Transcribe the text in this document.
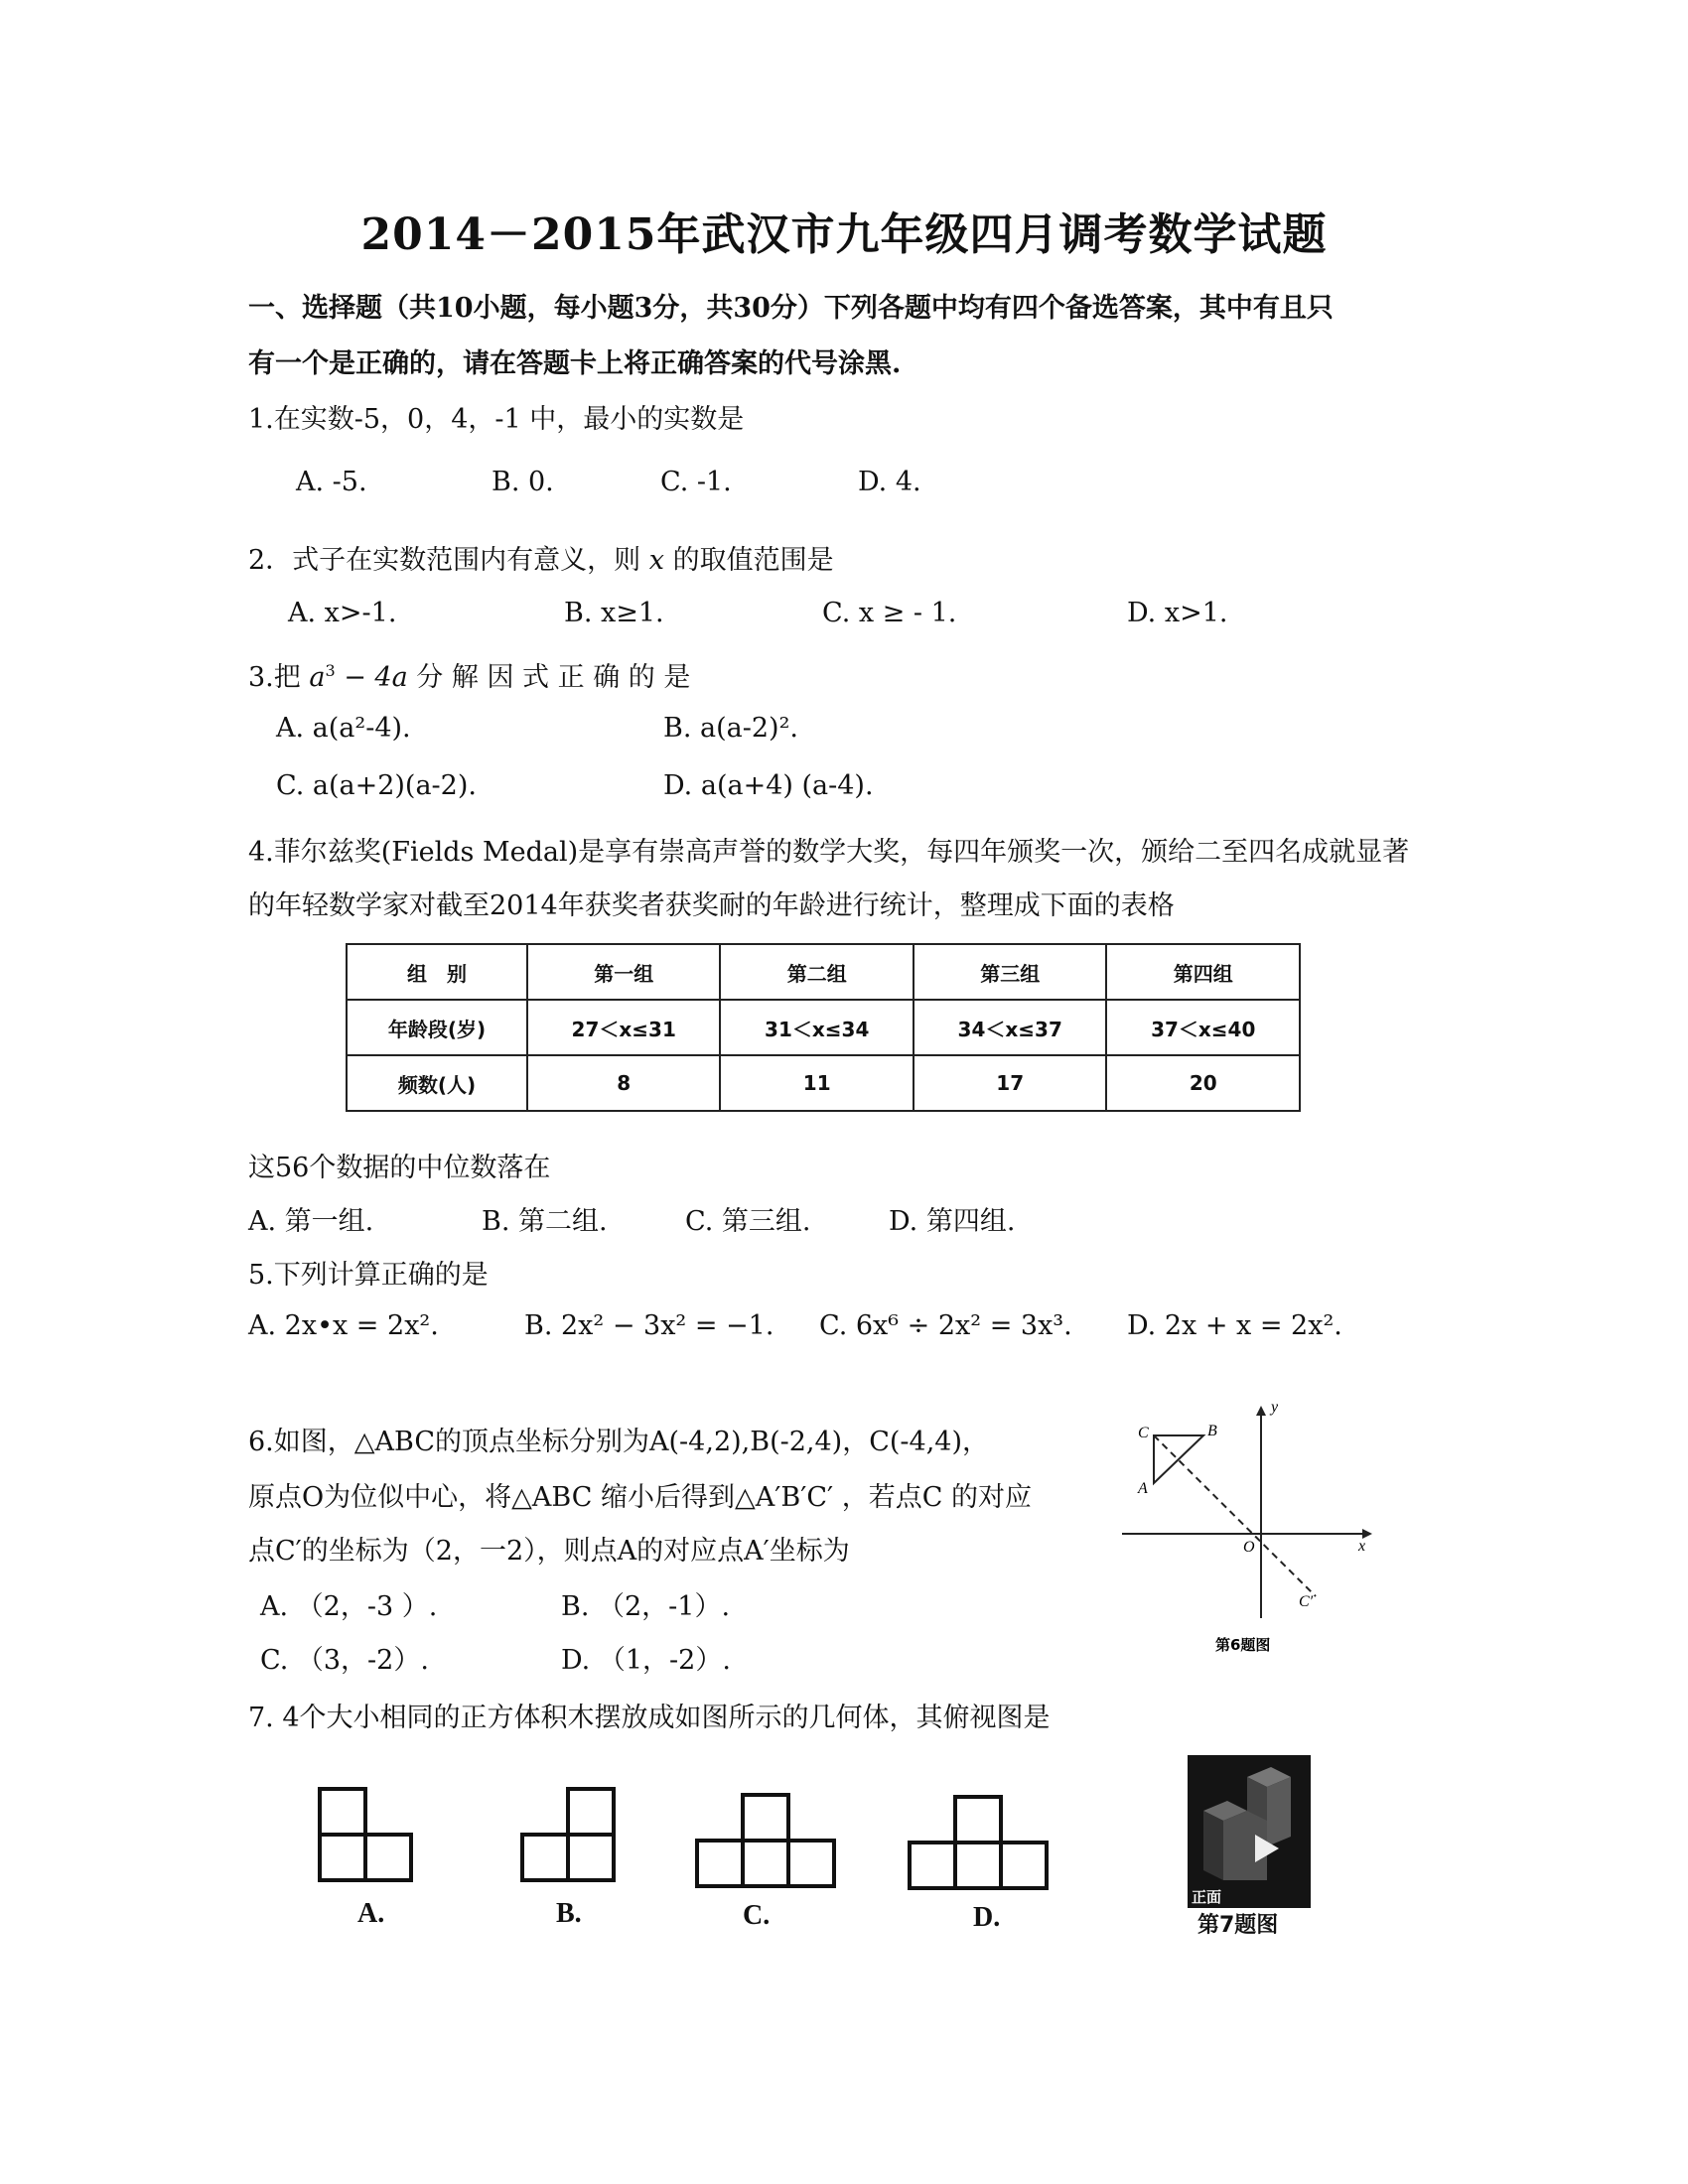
2014－2015年武汉市九年级四月调考数学试题
一、选择题（共10小题，每小题3分，共30分）下列各题中均有四个备选答案，其中有且只
有一个是正确的，请在答题卡上将正确答案的代号涂黑.
1.在实数-5，0，4，-1 中，最小的实数是
A. -5.	B. 0.	C. -1.	D. 4.
2．式子在实数范围内有意义，则 x 的取值范围是
A. x>-1.	B. x≥1.	C. x ≥ - 1.	D. x>1.
3.把 $a^3 - 4a$ 分 解 因 式 正 确 的 是
A. a(a²-4).	B. a(a-2)².
C. a(a+2)(a-2).	D. a(a+4) (a-4).
4.菲尔兹奖(Fields Medal)是享有崇高声誉的数学大奖，每四年颁奖一次，颁给二至四名成就显著
的年轻数学家对截至2014年获奖者获奖耐的年龄进行统计，整理成下面的表格
组　别	第一组	第二组	第三组	第四组
年龄段(岁)	27＜x≤31	31＜x≤34	34＜x≤37	37＜x≤40
频数(人)	8	11	17	20
这56个数据的中位数落在
A. 第一组.	B. 第二组.	C. 第三组.	D. 第四组.
5.下列计算正确的是
A. 2x•x = 2x².	B. 2x² − 3x² = −1. C. 6x⁶ ÷ 2x² = 3x³. D. 2x + x = 2x².
6.如图，△ABC的顶点坐标分别为A(-4,2),B(-2,4)，C(-4,4)，
原点O为位似中心，将△ABC 缩小后得到△A′B′C′ ，若点C 的对应
点C′的坐标为（2，一2），则点A的对应点A′坐标为
A. （2，-3 ）.	B. （2，-1）.
C. （3，-2）.	D. （1，-2）.
C	B
A
y
x
O
C′
第6题图
7. 4个大小相同的正方体积木摆放成如图所示的几何体，其俯视图是
A.	B.	C.	D.
正面
第7题图
